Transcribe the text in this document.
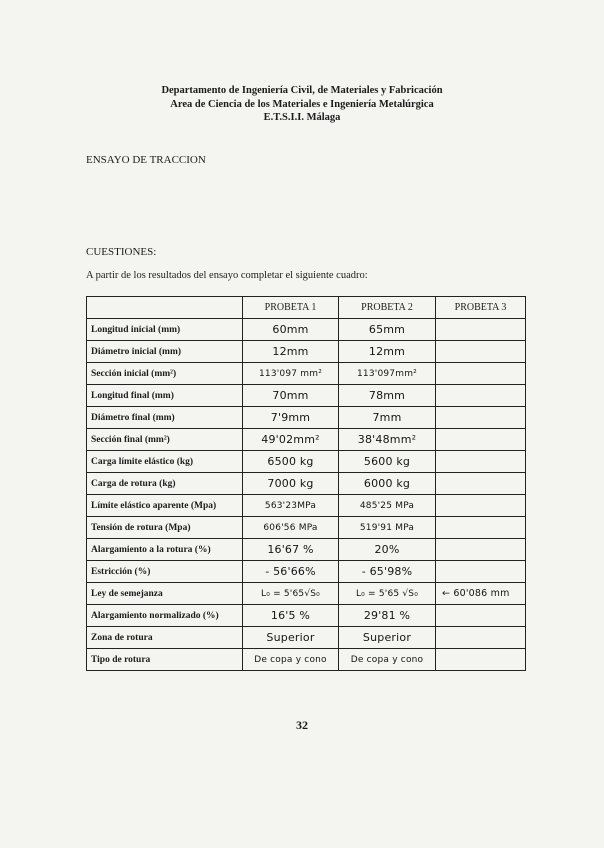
Departamento de Ingeniería Civil, de Materiales y Fabricación
Area de Ciencia de los Materiales e Ingeniería Metalúrgica
E.T.S.I.I. Málaga
ENSAYO DE TRACCION
CUESTIONES:
A partir de los resultados del ensayo completar el siguiente cuadro:
	PROBETA 1	PROBETA 2	PROBETA 3
Longitud inicial (mm)	60mm	65mm	
Diámetro inicial (mm)	12mm	12mm	
Sección inicial (mm²)	113'097 mm²	113'097mm²	
Longitud final (mm)	70mm	78mm	
Diámetro final (mm)	7'9mm	7mm	
Sección final (mm²)	49'02mm²	38'48mm²	
Carga límite elástico (kg)	6500 kg	5600 kg	
Carga de rotura (kg)	7000 kg	6000 kg	
Límite elástico aparente (Mpa)	563'23MPa	485'25 MPa	
Tensión de rotura (Mpa)	606'56 MPa	519'91 MPa	
Alargamiento a la rotura (%)	16'67 %	20%	
Estricción (%)	- 56'66%	- 65'98%	
Ley de semejanza	L₀ = 5'65√S₀	L₀ = 5'65 √S₀	← 60'086 mm
Alargamiento normalizado (%)	16'5 %	29'81 %	
Zona de rotura	Superior	Superior	
Tipo de rotura	De copa y cono	De copa y cono	
32
